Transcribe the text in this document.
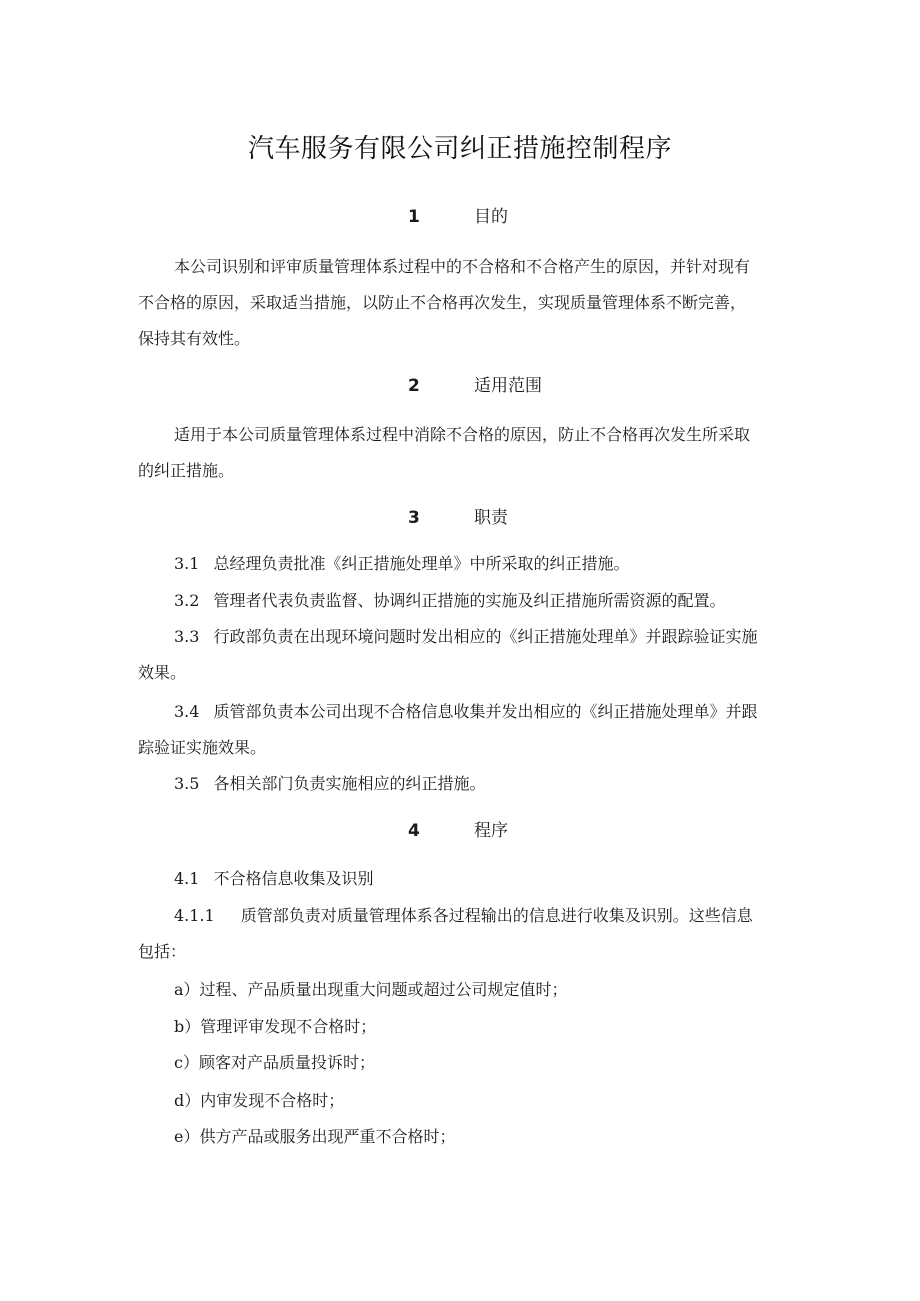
汽车服务有限公司纠正措施控制程序
1	目的
本公司识别和评审质量管理体系过程中的不合格和不合格产生的原因，并针对现有
不合格的原因，采取适当措施，以防止不合格再次发生，实现质量管理体系不断完善，
保持其有效性。
2	适用范围
适用于本公司质量管理体系过程中消除不合格的原因，防止不合格再次发生所采取
的纠正措施。
3	职责
3.1 总经理负责批准《纠正措施处理单》中所采取的纠正措施。
3.2 管理者代表负责监督、协调纠正措施的实施及纠正措施所需资源的配置。
3.3 行政部负责在出现环境问题时发出相应的《纠正措施处理单》并跟踪验证实施
效果。
3.4 质管部负责本公司出现不合格信息收集并发出相应的《纠正措施处理单》并跟
踪验证实施效果。
3.5 各相关部门负责实施相应的纠正措施。
4	程序
4.1 不合格信息收集及识别
4.1.1 质管部负责对质量管理体系各过程输出的信息进行收集及识别。这些信息
包括：
a）过程、产品质量出现重大问题或超过公司规定值时；
b）管理评审发现不合格时；
c）顾客对产品质量投诉时；
d）内审发现不合格时；
e）供方产品或服务出现严重不合格时；
